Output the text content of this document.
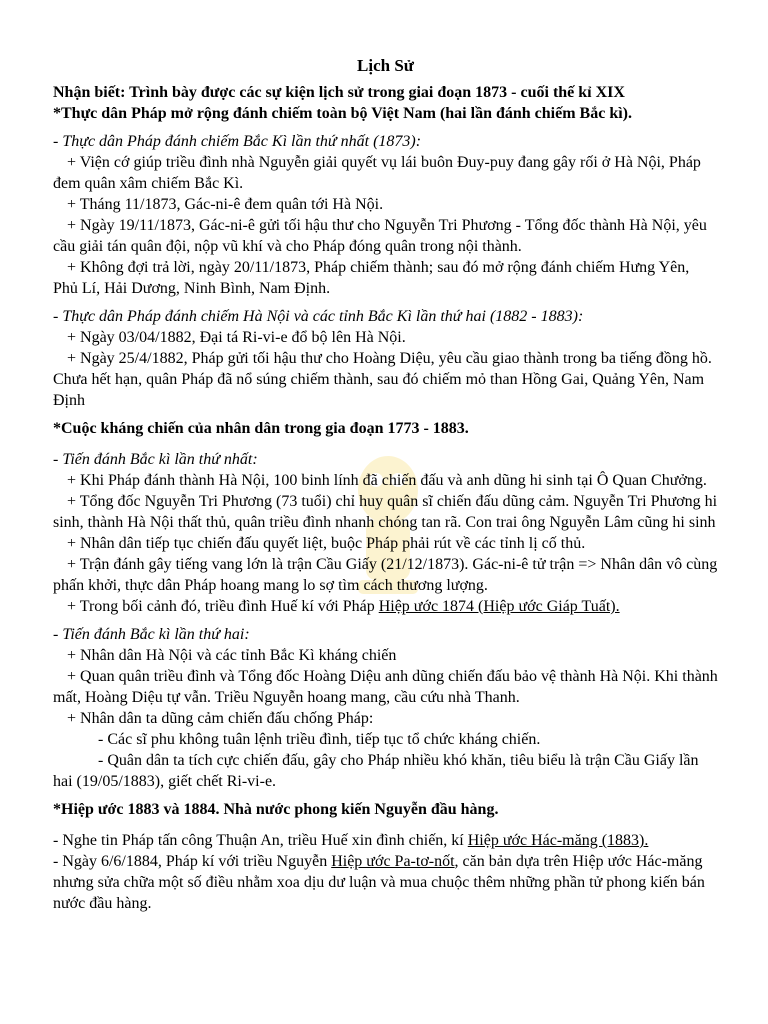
Lịch Sử

Nhận biết: Trình bày được các sự kiện lịch sử trong giai đoạn 1873 - cuối thế kỉ XIX

*Thực dân Pháp mở rộng đánh chiếm toàn bộ Việt Nam (hai lần đánh chiếm Bắc kì).

- Thực dân Pháp đánh chiếm Bắc Kì lần thứ nhất (1873):

+ Viện cớ giúp triều đình nhà Nguyễn giải quyết vụ lái buôn Đuy-puy đang gây rối ở Hà Nội, Pháp đem quân xâm chiếm Bắc Kì.

+ Tháng 11/1873, Gác-ni-ê đem quân tới Hà Nội.

+ Ngày 19/11/1873, Gác-ni-ê gửi tối hậu thư cho Nguyễn Tri Phương - Tổng đốc thành Hà Nội, yêu cầu giải tán quân đội, nộp vũ khí và cho Pháp đóng quân trong nội thành.

+ Không đợi trả lời, ngày 20/11/1873, Pháp chiếm thành; sau đó mở rộng đánh chiếm Hưng Yên, Phủ Lí, Hải Dương, Ninh Bình, Nam Định.

- Thực dân Pháp đánh chiếm Hà Nội và các tỉnh Bắc Kì lần thứ hai (1882 - 1883):

+ Ngày 03/04/1882, Đại tá Ri-vi-e đổ bộ lên Hà Nội.

+ Ngày 25/4/1882, Pháp gửi tối hậu thư cho Hoàng Diệu, yêu cầu giao thành trong ba tiếng đồng hồ. Chưa hết hạn, quân Pháp đã nổ súng chiếm thành, sau đó chiếm mỏ than Hồng Gai, Quảng Yên, Nam Định

*Cuộc kháng chiến của nhân dân trong gia đoạn 1773 - 1883.

- Tiến đánh Bắc kì lần thứ nhất:

+ Khi Pháp đánh thành Hà Nội, 100 binh lính đã chiến đấu và anh dũng hi sinh tại Ô Quan Chưởng.

+ Tổng đốc Nguyễn Tri Phương (73 tuổi) chỉ huy quân sĩ chiến đấu dũng cảm. Nguyễn Tri Phương hi sinh, thành Hà Nội thất thủ, quân triều đình nhanh chóng tan rã. Con trai ông Nguyễn Lâm cũng hi sinh

+ Nhân dân tiếp tục chiến đấu quyết liệt, buộc Pháp phải rút về các tỉnh lị cố thủ.

+ Trận đánh gây tiếng vang lớn là trận Cầu Giấy (21/12/1873). Gác-ni-ê tử trận => Nhân dân vô cùng phấn khởi, thực dân Pháp hoang mang lo sợ tìm cách thương lượng.

+ Trong bối cảnh đó, triều đình Huế kí với Pháp Hiệp ước 1874 (Hiệp ước Giáp Tuất).

- Tiến đánh Bắc kì lần thứ hai:

+ Nhân dân Hà Nội và các tỉnh Bắc Kì kháng chiến

+ Quan quân triều đình và Tổng đốc Hoàng Diệu anh dũng chiến đấu bảo vệ thành Hà Nội. Khi thành mất, Hoàng Diệu tự vẫn. Triều Nguyễn hoang mang, cầu cứu nhà Thanh.

+ Nhân dân ta dũng cảm chiến đấu chống Pháp:

- Các sĩ phu không tuân lệnh triều đình, tiếp tục tổ chức kháng chiến.

- Quân dân ta tích cực chiến đấu, gây cho Pháp nhiều khó khăn, tiêu biểu là trận Cầu Giấy lần hai (19/05/1883), giết chết Ri-vi-e.

*Hiệp ước 1883 và 1884. Nhà nước phong kiến Nguyễn đầu hàng.

- Nghe tin Pháp tấn công Thuận An, triều Huế xin đình chiến, kí Hiệp ước Hác-măng (1883).

- Ngày 6/6/1884, Pháp kí với triều Nguyễn Hiệp ước Pa-tơ-nốt, căn bản dựa trên Hiệp ước Hác-măng nhưng sửa chữa một số điều nhằm xoa dịu dư luận và mua chuộc thêm những phần tử phong kiến bán nước đầu hàng.
